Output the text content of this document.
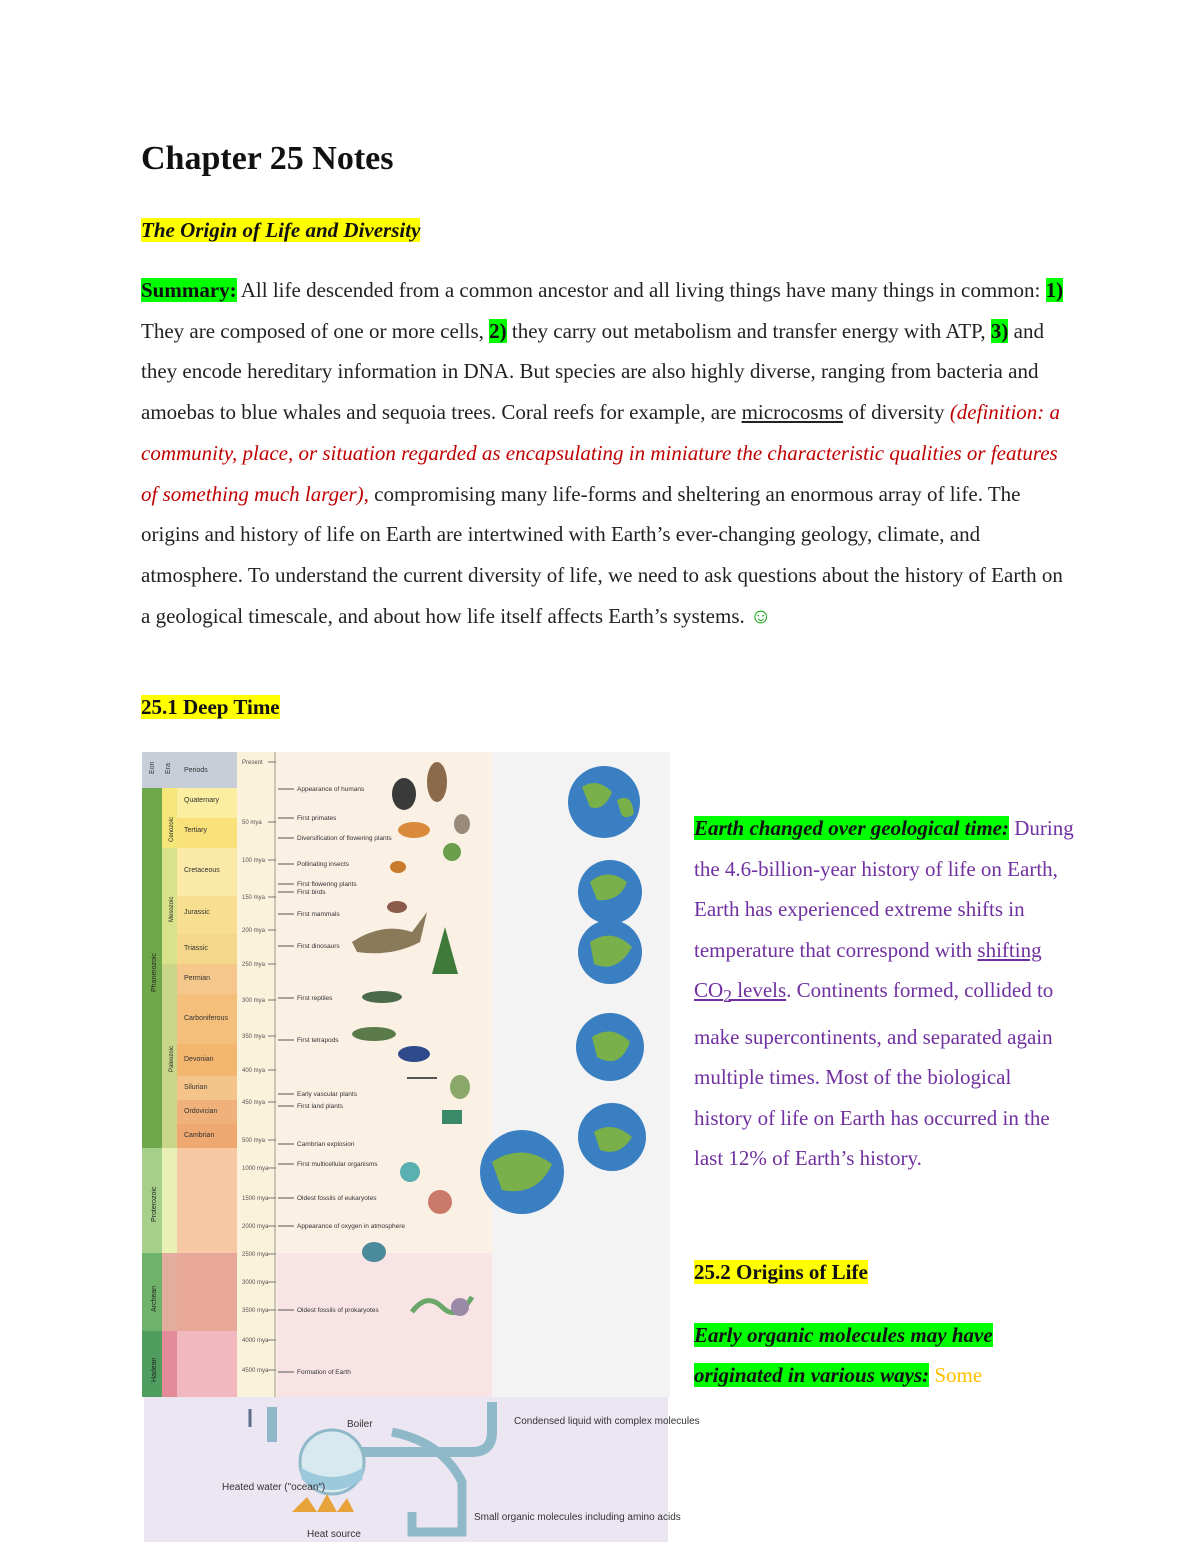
Chapter 25 Notes
The Origin of Life and Diversity
Summary: All life descended from a common ancestor and all living things have many things in common: 1) They are composed of one or more cells, 2) they carry out metabolism and transfer energy with ATP, 3) and they encode hereditary information in DNA. But species are also highly diverse, ranging from bacteria and amoebas to blue whales and sequoia trees. Coral reefs for example, are microcosms of diversity (definition: a community, place, or situation regarded as encapsulating in miniature the characteristic qualities or features of something much larger), compromising many life-forms and sheltering an enormous array of life. The origins and history of life on Earth are intertwined with Earth’s ever-changing geology, climate, and atmosphere. To understand the current diversity of life, we need to ask questions about the history of Earth on a geological timescale, and about how life itself affects Earth’s systems. ☺
25.1 Deep Time
Boiler	Condensed liquid with complex molecules
Heated water ("ocean")
Heat source
Small organic molecules including amino acids
Eon Era Periods
Phanerozoic
Proterozoic
Archean
Hadean
Cenozoic
Mesozoic
Paleozoic
Quaternary
Tertiary
Cretaceous
Jurassic
Triassic
Permian
Carboniferous
Devonian
Silurian
Ordovician
Cambrian
Present
50 mya
100 mya
150 mya
200 mya
250 mya
300 mya
350 mya
400 mya
450 mya
500 mya
1000 mya
1500 mya
2000 mya
2500 mya
3000 mya
3500 mya
4000 mya
4500 mya
Appearance of humans
First primates
Diversification of flowering plants
Pollinating insects
First flowering plants
First birds
First mammals
First dinosaurs
First reptiles
First tetrapods
Early vascular plants
First land plants
Cambrian explosion
First multicellular organisms
Oldest fossils of eukaryotes
Appearance of oxygen in atmosphere
Oldest fossils of prokaryotes
Formation of Earth
Earth changed over geological time: During the 4.6-billion-year history of life on Earth, Earth has experienced extreme shifts in temperature that correspond with shifting $CO_2$ levels. Continents formed, collided to make supercontinents, and separated again multiple times. Most of the biological history of life on Earth has occurred in the last 12% of Earth’s history.
25.2 Origins of Life
Early organic molecules may have originated in various ways: Some
